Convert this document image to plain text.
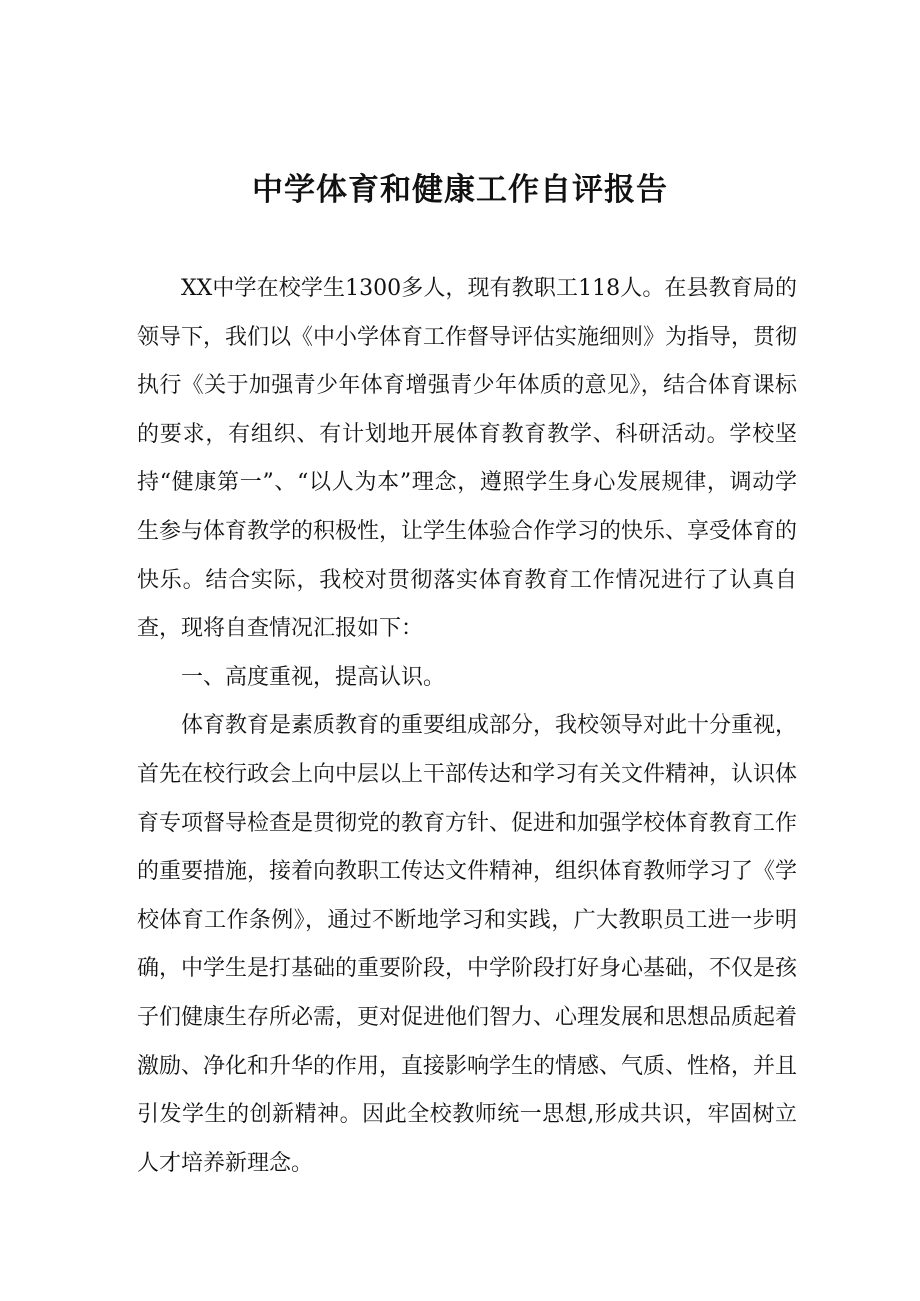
中学体育和健康工作自评报告

XX中学在校学生1300多人，现有教职工118人。在县教育局的领导下，我们以《中小学体育工作督导评估实施细则》为指导，贯彻执行《关于加强青少年体育增强青少年体质的意见》，结合体育课标的要求，有组织、有计划地开展体育教育教学、科研活动。学校坚持“健康第一”、“以人为本”理念，遵照学生身心发展规律，调动学生参与体育教学的积极性，让学生体验合作学习的快乐、享受体育的快乐。结合实际，我校对贯彻落实体育教育工作情况进行了认真自查，现将自查情况汇报如下：

一、高度重视，提高认识。

体育教育是素质教育的重要组成部分，我校领导对此十分重视，首先在校行政会上向中层以上干部传达和学习有关文件精神，认识体育专项督导检查是贯彻党的教育方针、促进和加强学校体育教育工作的重要措施，接着向教职工传达文件精神，组织体育教师学习了《学校体育工作条例》，通过不断地学习和实践，广大教职员工进一步明确，中学生是打基础的重要阶段，中学阶段打好身心基础，不仅是孩子们健康生存所必需，更对促进他们智力、心理发展和思想品质起着激励、净化和升华的作用，直接影响学生的情感、气质、性格，并且引发学生的创新精神。因此全校教师统一思想,形成共识，牢固树立人才培养新理念。
